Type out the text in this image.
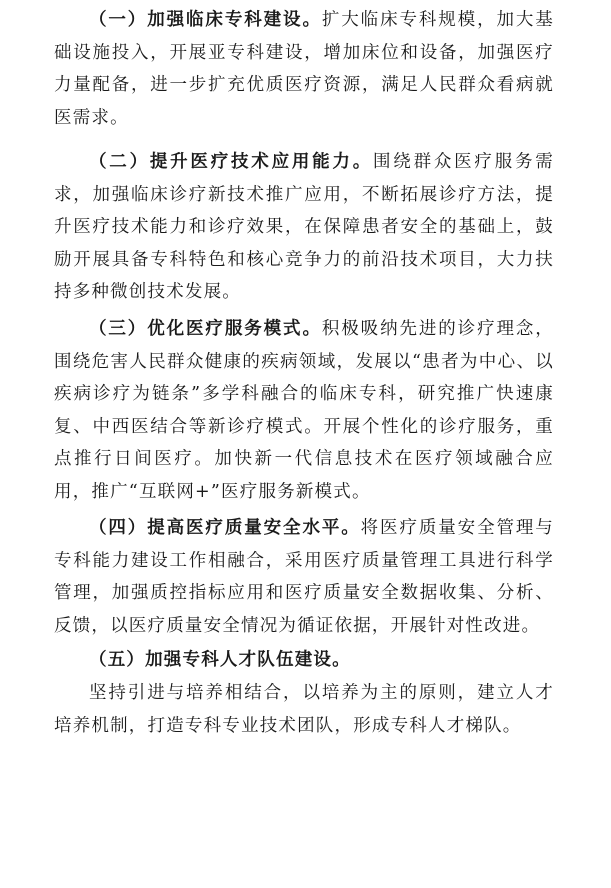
（一）加强临床专科建设。扩大临床专科规模，加大基础设施投入，开展亚专科建设，增加床位和设备，加强医疗力量配备，进一步扩充优质医疗资源，满足人民群众看病就医需求。

（二）提升医疗技术应用能力。围绕群众医疗服务需求，加强临床诊疗新技术推广应用，不断拓展诊疗方法，提升医疗技术能力和诊疗效果，在保障患者安全的基础上，鼓励开展具备专科特色和核心竞争力的前沿技术项目，大力扶持多种微创技术发展。

（三）优化医疗服务模式。积极吸纳先进的诊疗理念，围绕危害人民群众健康的疾病领域，发展以“患者为中心、以疾病诊疗为链条”多学科融合的临床专科，研究推广快速康复、中西医结合等新诊疗模式。开展个性化的诊疗服务，重点推行日间医疗。加快新一代信息技术在医疗领域融合应用，推广“互联网+”医疗服务新模式。

（四）提高医疗质量安全水平。将医疗质量安全管理与专科能力建设工作相融合，采用医疗质量管理工具进行科学管理，加强质控指标应用和医疗质量安全数据收集、分析、反馈，以医疗质量安全情况为循证依据，开展针对性改进。

（五）加强专科人才队伍建设。

坚持引进与培养相结合，以培养为主的原则，建立人才培养机制，打造专科专业技术团队，形成专科人才梯队。
